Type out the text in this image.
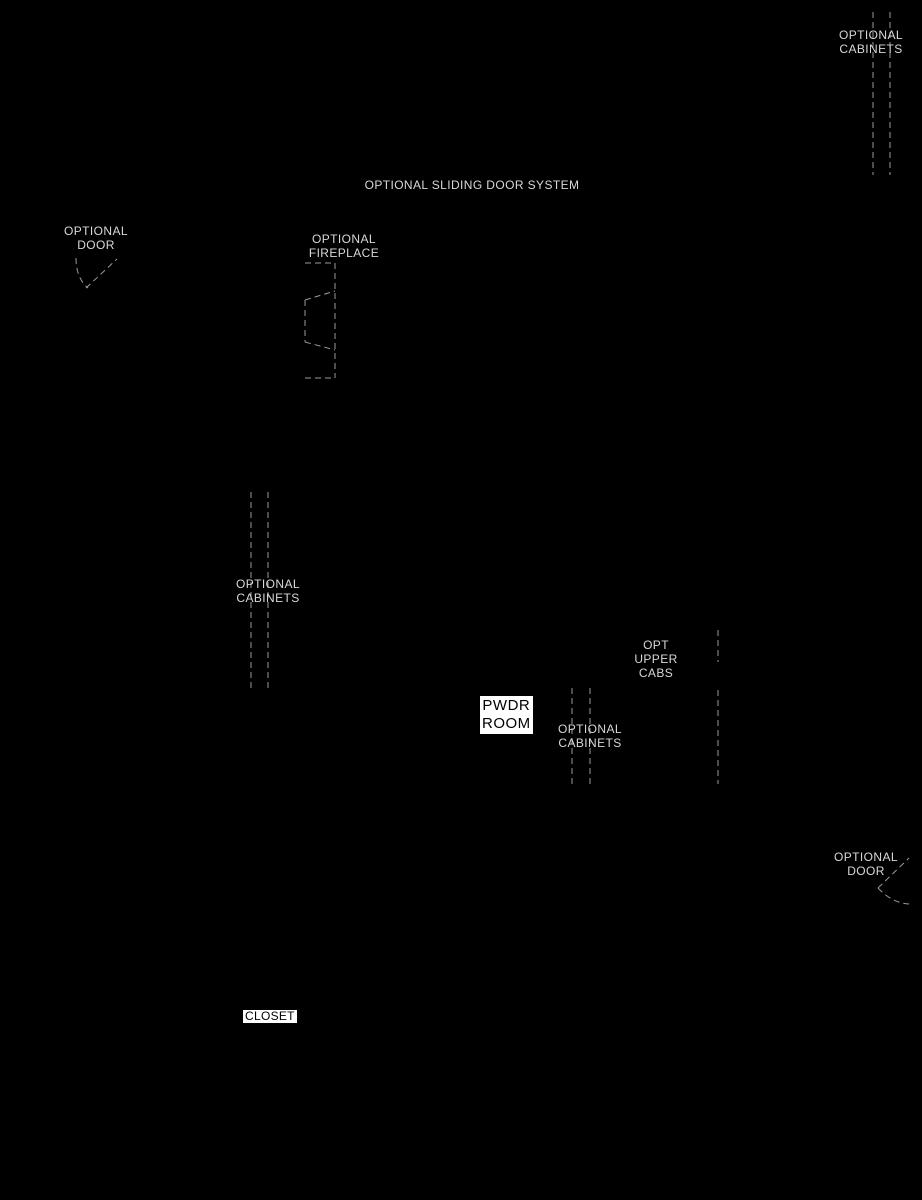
OPTIONAL
CABINETS
OPTIONAL SLIDING DOOR SYSTEM
OPTIONAL
DOOR	OPTIONAL
FIREPLACE
OPTIONAL
CABINETS
OPT
UPPER
CABS
PWDR
ROOM	OPTIONAL
CABINETS
OPTIONAL
DOOR
CLOSET
